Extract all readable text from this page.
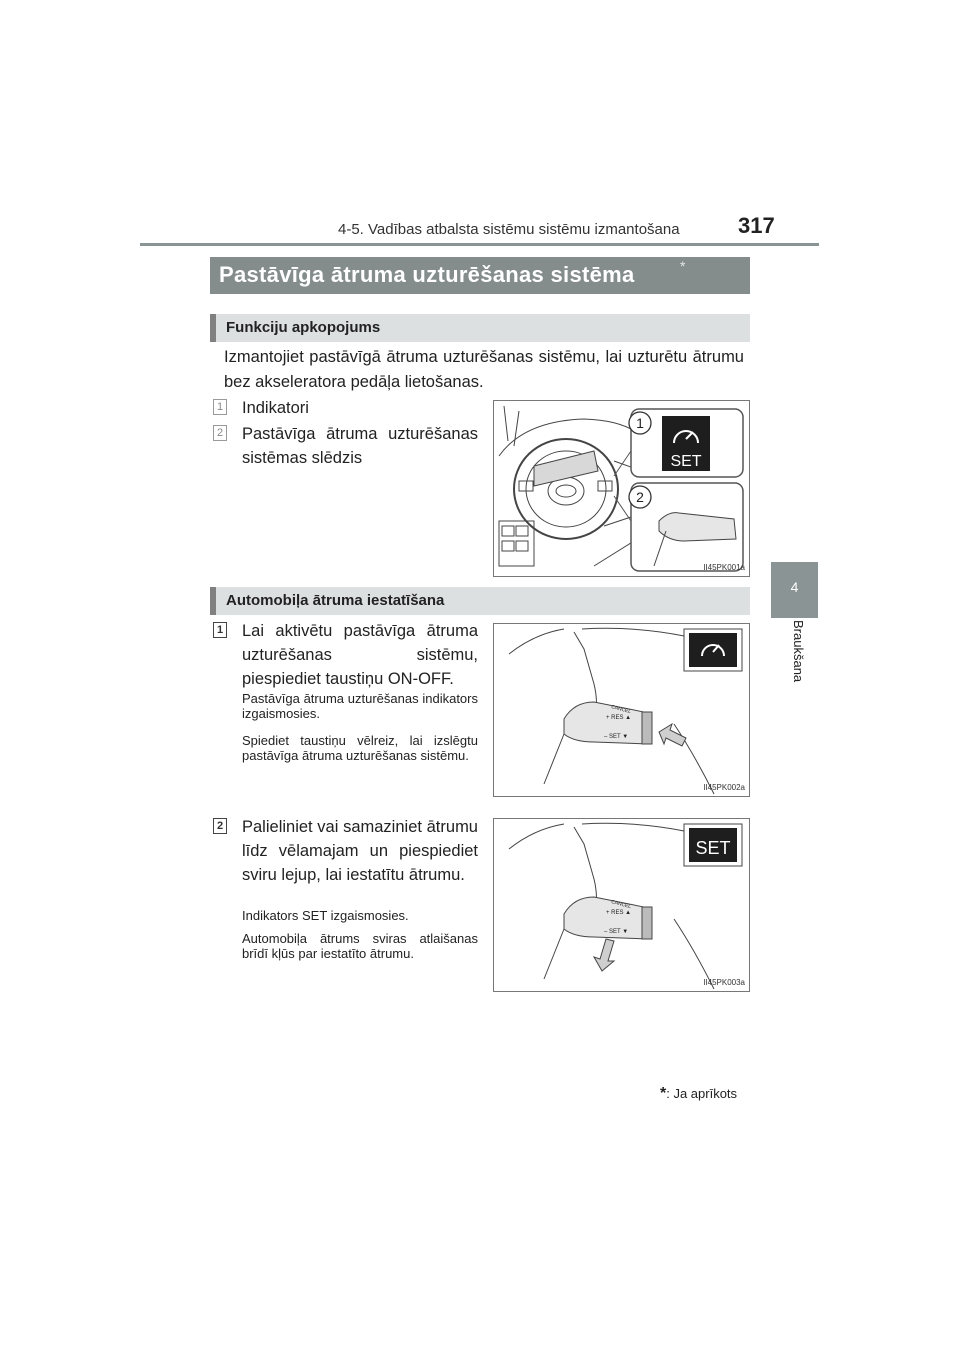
4-5. Vadības atbalsta sistēmu sistēmu izmantošana	317
4
Braukšana
Pastāvīga ātruma uzturēšanas sistēma	*
Funkciju apkopojums
Izmantojiet pastāvīgā ātruma uzturēšanas sistēmu, lai uzturētu ātrumu bez akseleratora pedāļa lietošanas.
1 Indikatori
2 Pastāvīga ātruma uzturēšanas sistēmas slēdzis
1
SET
2
II45PK001a
Automobiļa ātruma iestatīšana
1 Lai aktivētu pastāvīga ātruma uzturēšanas sistēmu, piespiediet taustiņu ON-OFF.
Pastāvīga ātruma uzturēšanas indikators izgaismosies.
Spiediet taustiņu vēlreiz, lai izslēgtu pastāvīga ātruma uzturēšanas sistēmu.
CANCEL
+ RES ▲
– SET ▼
II45PK002a
2 Palieliniet vai samaziniet ātrumu līdz vēlamajam un piespiediet sviru lejup, lai iestatītu ātrumu.
Indikators SET izgaismosies.
Automobiļa ātrums sviras atlaišanas brīdī kļūs par iestatīto ātrumu.
SET
CANCEL
+ RES ▲
– SET ▼
II45PK003a
*: Ja aprīkots
